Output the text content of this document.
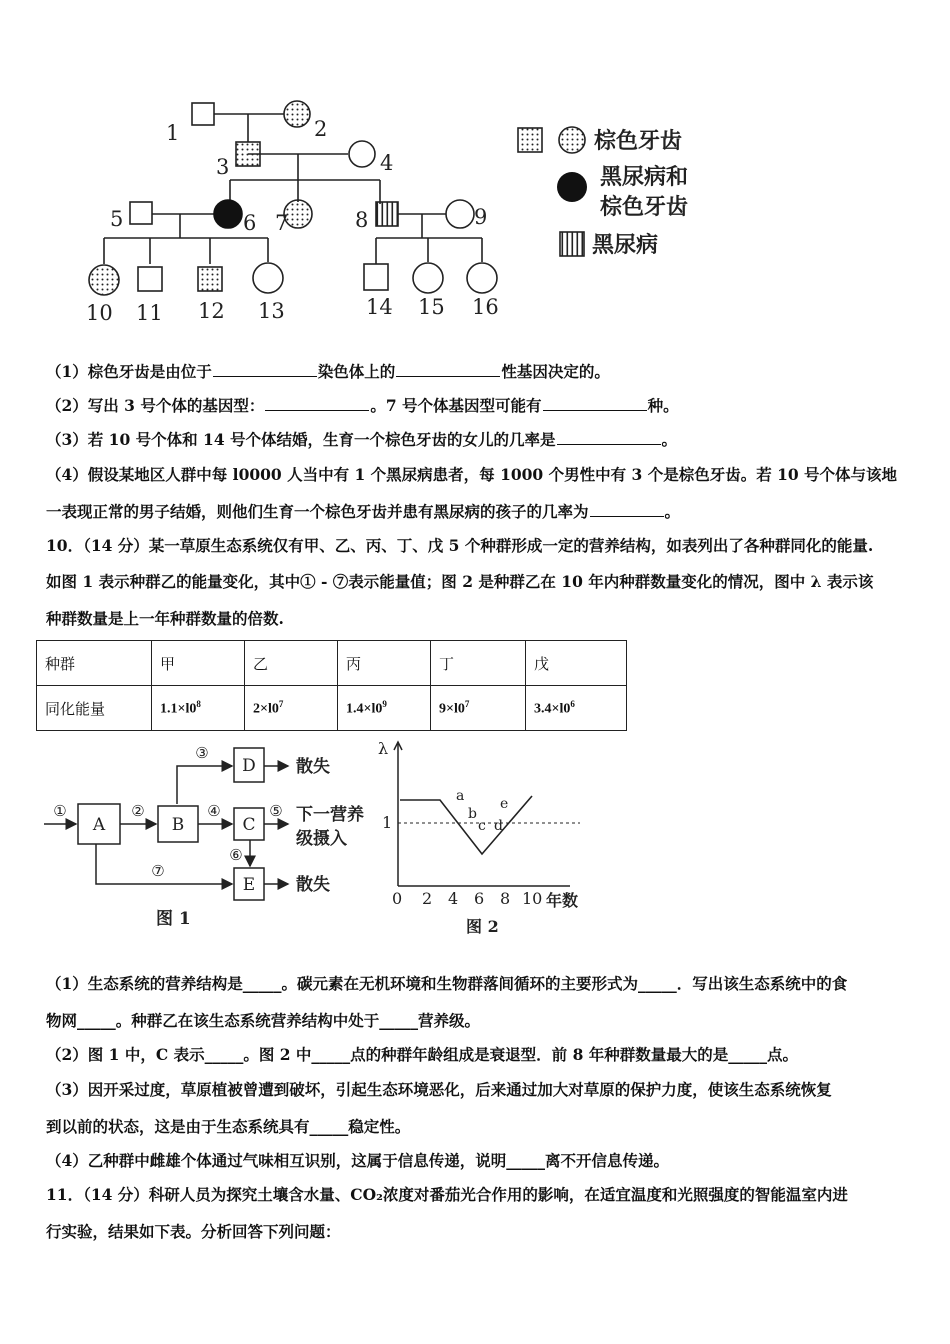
1	2
3	4
5	6 7	8	9
10 11 12 13	14 15 16
棕色牙齿
黑尿病和
棕色牙齿
黑尿病
（1）棕色牙齿是由位于	染色体上的	性基因决定的。
（2）写出 3 号个体的基因型：	。7 号个体基因型可能有	种。
（3）若 10 号个体和 14 号个体结婚，生育一个棕色牙齿的女儿的几率是	。
（4）假设某地区人群中每 l0000 人当中有 1 个黑尿病患者，每 1000 个男性中有 3 个是棕色牙齿。若 10 号个体与该地
一表现正常的男子结婚，则他们生育一个棕色牙齿并患有黑尿病的孩子的几率为	。
10．（14 分）某一草原生态系统仅有甲、乙、丙、丁、戊 5 个种群形成一定的营养结构，如表列出了各种群同化的能量.
如图 1 表示种群乙的能量变化，其中① - ⑦表示能量值；图 2 是种群乙在 10 年内种群数量变化的情况，图中 λ 表示该
种群数量是上一年种群数量的倍数.
种群	甲	乙	丙	丁	戊
同化能量	$1.1\times l0^8$	$2\times l0^7$	$1.4\times l0^9$	$9\times l0^7$	$3.4\times l0^6$
A	B	C
D
E
①	②
③
④	⑤
⑥
⑦
散失
下一营养
级摄入
散失
图 1
λ
1
0 2 4 6 8 10 年数
图 2
a
b
c d
e
（1）生态系统的营养结构是_____。碳元素在无机环境和生物群落间循环的主要形式为_____．写出该生态系统中的食
物网_____。种群乙在该生态系统营养结构中处于_____营养级。
（2）图 1 中，C 表示_____。图 2 中_____点的种群年龄组成是衰退型．前 8 年种群数量最大的是_____点。
（3）因开采过度，草原植被曾遭到破坏，引起生态环境恶化，后来通过加大对草原的保护力度，使该生态系统恢复
到以前的状态，这是由于生态系统具有_____稳定性。
（4）乙种群中雌雄个体通过气味相互识别，这属于信息传递，说明_____离不开信息传递。
11．（14 分）科研人员为探究土壤含水量、CO₂浓度对番茄光合作用的影响，在适宜温度和光照强度的智能温室内进
行实验，结果如下表。分析回答下列问题：
